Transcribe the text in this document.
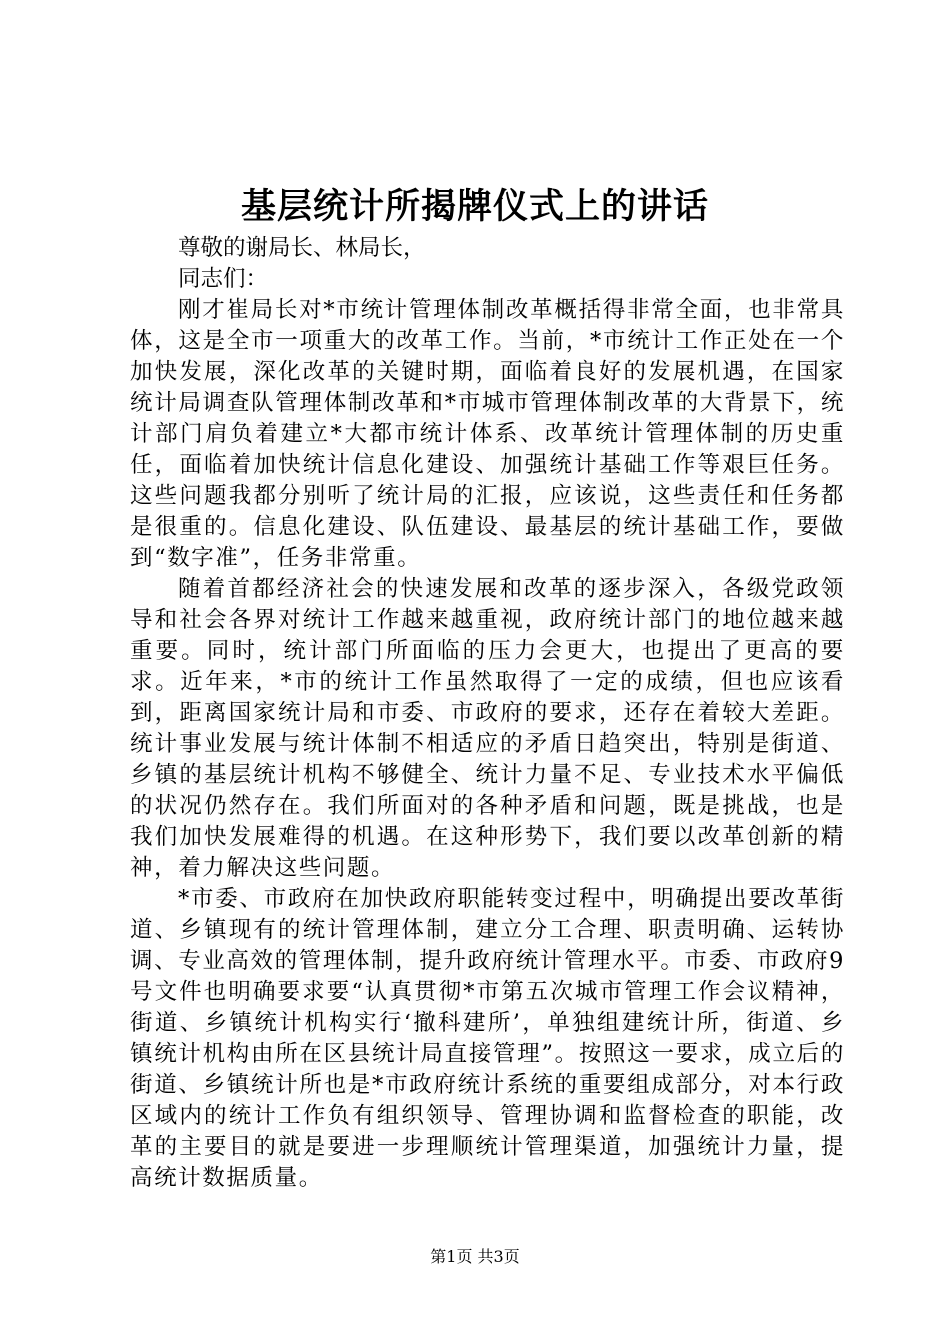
基层统计所揭牌仪式上的讲话

尊敬的谢局长、林局长，

同志们：

刚才崔局长对*市统计管理体制改革概括得非常全面，也非常具体，这是全市一项重大的改革工作。当前，*市统计工作正处在一个加快发展，深化改革的关键时期，面临着良好的发展机遇，在国家统计局调查队管理体制改革和*市城市管理体制改革的大背景下，统计部门肩负着建立*大都市统计体系、改革统计管理体制的历史重任，面临着加快统计信息化建设、加强统计基础工作等艰巨任务。这些问题我都分别听了统计局的汇报，应该说，这些责任和任务都是很重的。信息化建设、队伍建设、最基层的统计基础工作，要做到“数字准”，任务非常重。

随着首都经济社会的快速发展和改革的逐步深入，各级党政领导和社会各界对统计工作越来越重视，政府统计部门的地位越来越重要。同时，统计部门所面临的压力会更大，也提出了更高的要求。近年来，*市的统计工作虽然取得了一定的成绩，但也应该看到，距离国家统计局和市委、市政府的要求，还存在着较大差距。统计事业发展与统计体制不相适应的矛盾日趋突出，特别是街道、乡镇的基层统计机构不够健全、统计力量不足、专业技术水平偏低的状况仍然存在。我们所面对的各种矛盾和问题，既是挑战，也是我们加快发展难得的机遇。在这种形势下，我们要以改革创新的精神，着力解决这些问题。

*市委、市政府在加快政府职能转变过程中，明确提出要改革街道、乡镇现有的统计管理体制，建立分工合理、职责明确、运转协调、专业高效的管理体制，提升政府统计管理水平。市委、市政府9号文件也明确要求要“认真贯彻*市第五次城市管理工作会议精神，街道、乡镇统计机构实行‘撤科建所’，单独组建统计所，街道、乡镇统计机构由所在区县统计局直接管理”。按照这一要求，成立后的街道、乡镇统计所也是*市政府统计系统的重要组成部分，对本行政区域内的统计工作负有组织领导、管理协调和监督检查的职能，改革的主要目的就是要进一步理顺统计管理渠道，加强统计力量，提高统计数据质量。

第1页 共3页
